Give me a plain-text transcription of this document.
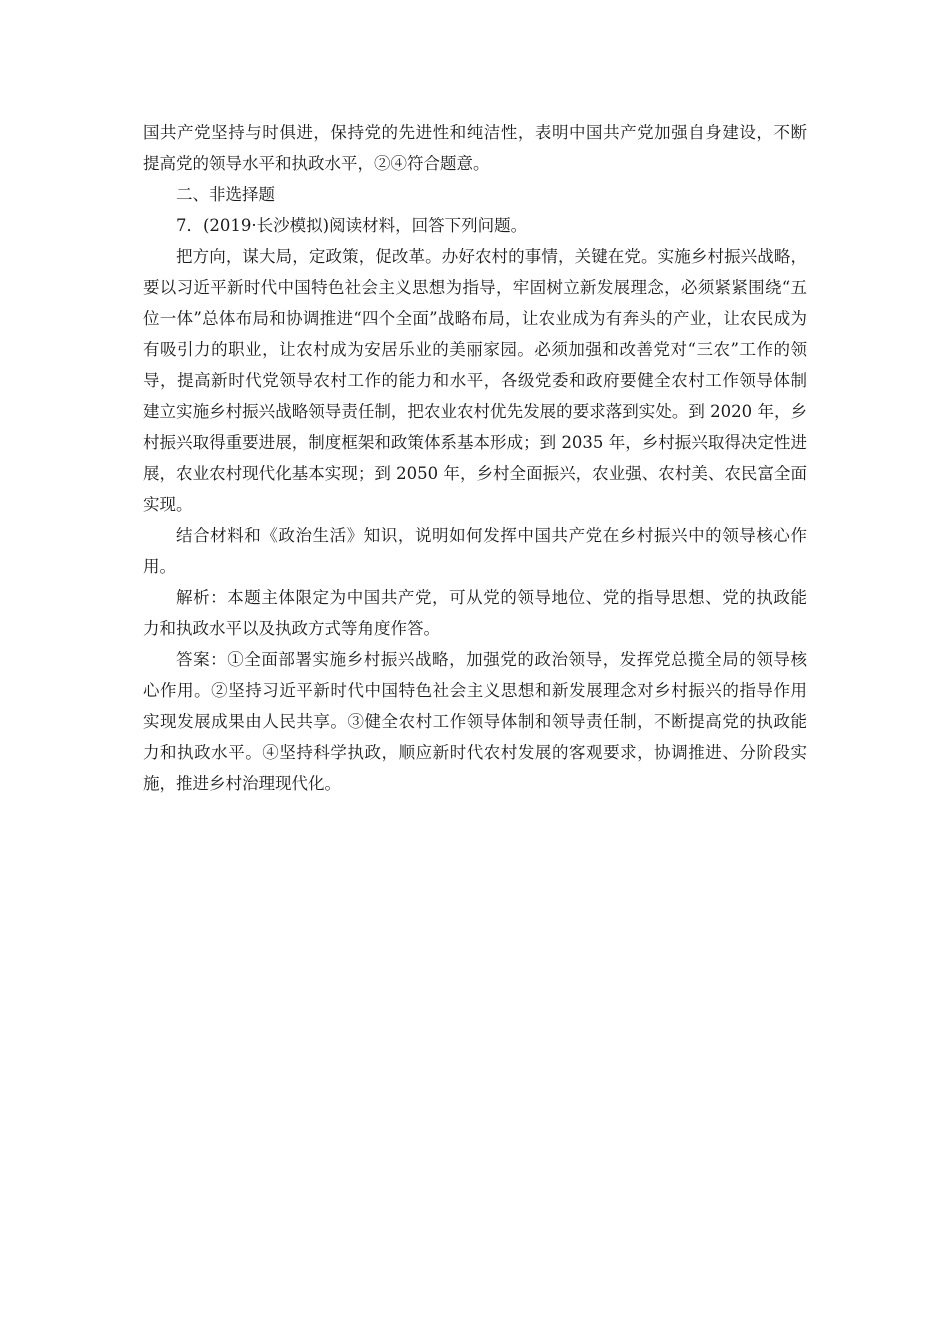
国共产党坚持与时俱进，保持党的先进性和纯洁性，表明中国共产党加强自身建设，不断
提高党的领导水平和执政水平，②④符合题意。
二、非选择题
7．(2019·长沙模拟)阅读材料，回答下列问题。
把方向，谋大局，定政策，促改革。办好农村的事情，关键在党。实施乡村振兴战略，
要以习近平新时代中国特色社会主义思想为指导，牢固树立新发展理念，必须紧紧围绕“五
位一体”总体布局和协调推进“四个全面”战略布局，让农业成为有奔头的产业，让农民成为
有吸引力的职业，让农村成为安居乐业的美丽家园。必须加强和改善党对“三农”工作的领
导，提高新时代党领导农村工作的能力和水平，各级党委和政府要健全农村工作领导体制
建立实施乡村振兴战略领导责任制，把农业农村优先发展的要求落到实处。到 2020 年，乡
村振兴取得重要进展，制度框架和政策体系基本形成；到 2035 年，乡村振兴取得决定性进
展，农业农村现代化基本实现；到 2050 年，乡村全面振兴，农业强、农村美、农民富全面
实现。
结合材料和《政治生活》知识，说明如何发挥中国共产党在乡村振兴中的领导核心作
用。
解析：本题主体限定为中国共产党，可从党的领导地位、党的指导思想、党的执政能
力和执政水平以及执政方式等角度作答。
答案：①全面部署实施乡村振兴战略，加强党的政治领导，发挥党总揽全局的领导核
心作用。②坚持习近平新时代中国特色社会主义思想和新发展理念对乡村振兴的指导作用
实现发展成果由人民共享。③健全农村工作领导体制和领导责任制，不断提高党的执政能
力和执政水平。④坚持科学执政，顺应新时代农村发展的客观要求，协调推进、分阶段实
施，推进乡村治理现代化。
